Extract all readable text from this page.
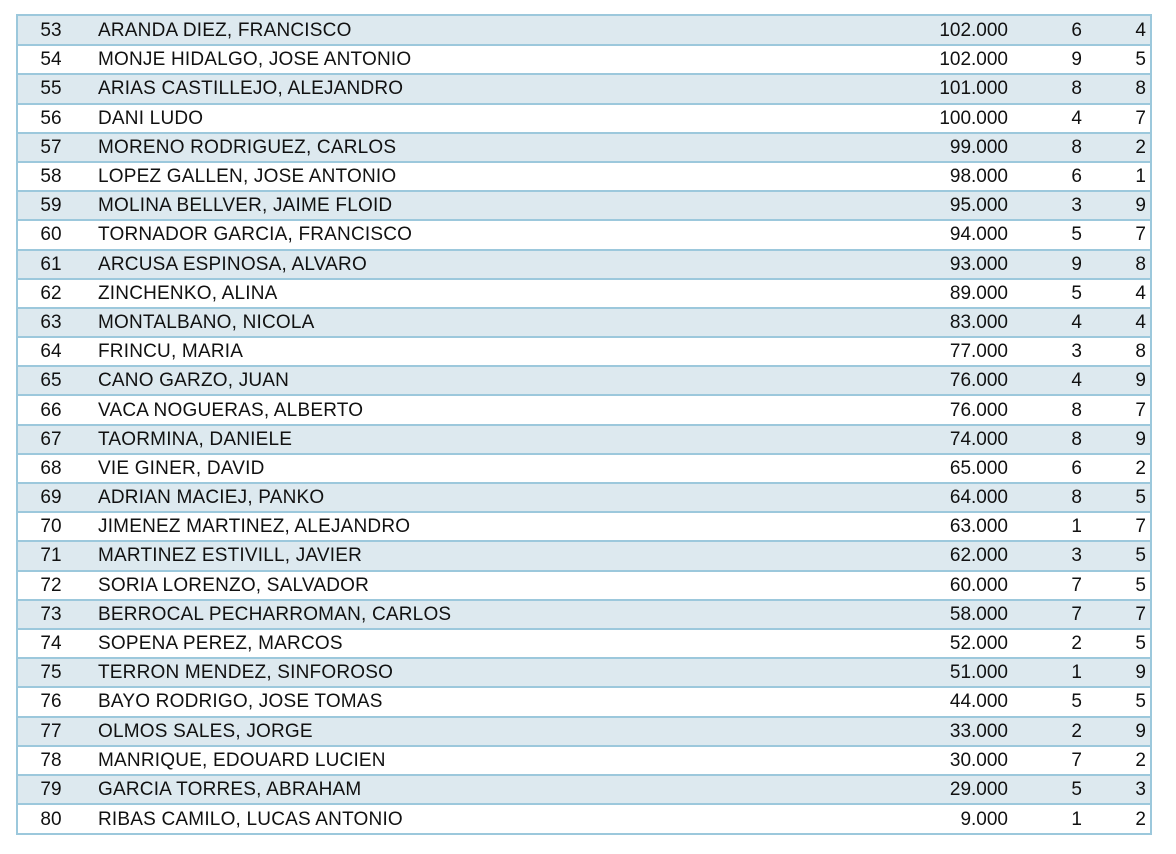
53	ARANDA DIEZ, FRANCISCO	102.000	6	4
54	MONJE HIDALGO, JOSE ANTONIO	102.000	9	5
55	ARIAS CASTILLEJO, ALEJANDRO	101.000	8	8
56	DANI LUDO	100.000	4	7
57	MORENO RODRIGUEZ, CARLOS	99.000	8	2
58	LOPEZ GALLEN, JOSE ANTONIO	98.000	6	1
59	MOLINA BELLVER, JAIME FLOID	95.000	3	9
60	TORNADOR GARCIA, FRANCISCO	94.000	5	7
61	ARCUSA ESPINOSA, ALVARO	93.000	9	8
62	ZINCHENKO, ALINA	89.000	5	4
63	MONTALBANO, NICOLA	83.000	4	4
64	FRINCU, MARIA	77.000	3	8
65	CANO GARZO, JUAN	76.000	4	9
66	VACA NOGUERAS, ALBERTO	76.000	8	7
67	TAORMINA, DANIELE	74.000	8	9
68	VIE GINER, DAVID	65.000	6	2
69	ADRIAN MACIEJ, PANKO	64.000	8	5
70	JIMENEZ MARTINEZ, ALEJANDRO	63.000	1	7
71	MARTINEZ ESTIVILL, JAVIER	62.000	3	5
72	SORIA LORENZO, SALVADOR	60.000	7	5
73	BERROCAL PECHARROMAN, CARLOS	58.000	7	7
74	SOPENA PEREZ, MARCOS	52.000	2	5
75	TERRON MENDEZ, SINFOROSO	51.000	1	9
76	BAYO RODRIGO, JOSE TOMAS	44.000	5	5
77	OLMOS SALES, JORGE	33.000	2	9
78	MANRIQUE, EDOUARD LUCIEN	30.000	7	2
79	GARCIA TORRES, ABRAHAM	29.000	5	3
80	RIBAS CAMILO, LUCAS ANTONIO	9.000	1	2
